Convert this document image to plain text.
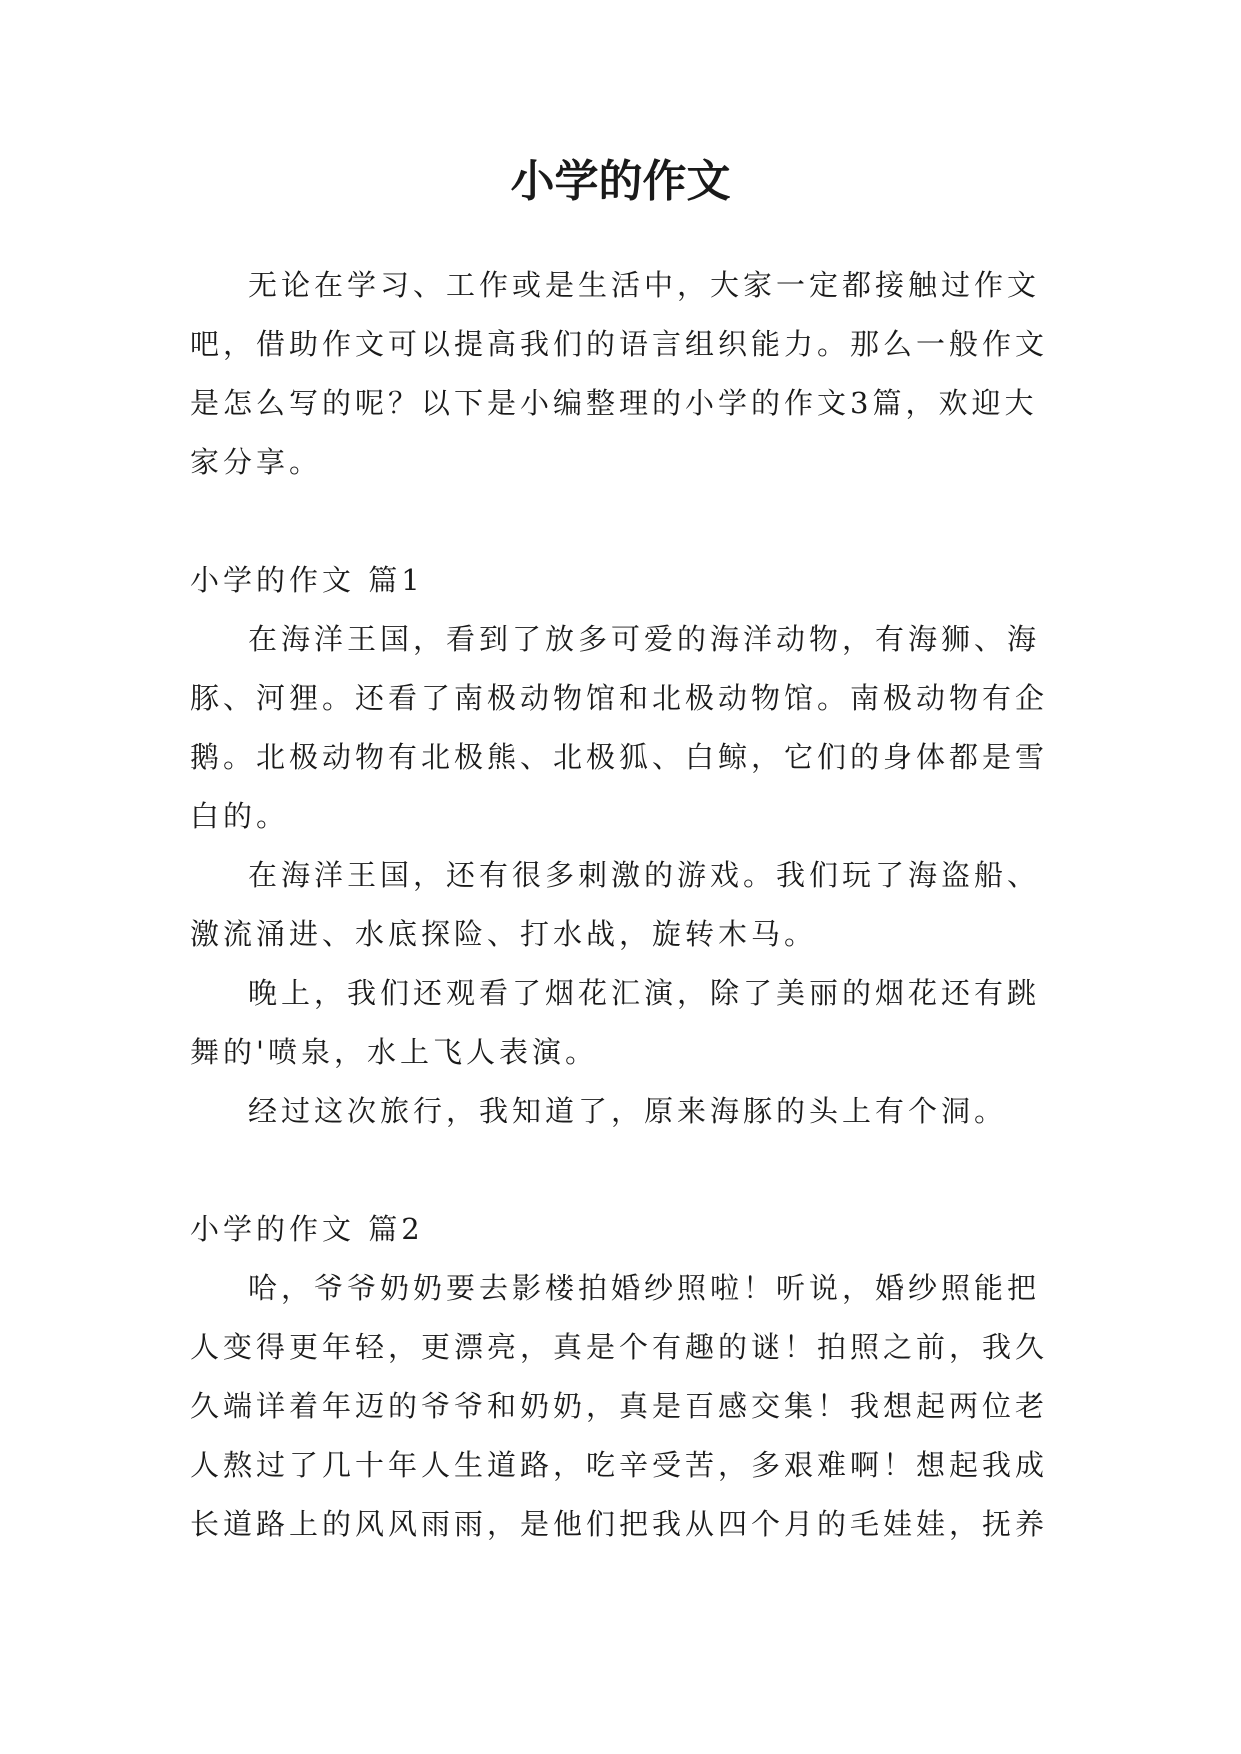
小学的作文

无论在学习、工作或是生活中，大家一定都接触过作文吧，借助作文可以提高我们的语言组织能力。那么一般作文是怎么写的呢？以下是小编整理的小学的作文3篇，欢迎大家分享。

小学的作文 篇1

在海洋王国，看到了放多可爱的海洋动物，有海狮、海豚、河狸。还看了南极动物馆和北极动物馆。南极动物有企鹅。北极动物有北极熊、北极狐、白鲸，它们的身体都是雪白的。

在海洋王国，还有很多刺激的游戏。我们玩了海盗船、激流涌进、水底探险、打水战，旋转木马。

晚上，我们还观看了烟花汇演，除了美丽的烟花还有跳舞的'喷泉，水上飞人表演。

经过这次旅行，我知道了，原来海豚的头上有个洞。

小学的作文 篇2

哈，爷爷奶奶要去影楼拍婚纱照啦！听说，婚纱照能把人变得更年轻，更漂亮，真是个有趣的谜！拍照之前，我久久端详着年迈的爷爷和奶奶，真是百感交集！我想起两位老人熬过了几十年人生道路，吃辛受苦，多艰难啊！想起我成长道路上的风风雨雨，是他们把我从四个月的毛娃娃，抚养
